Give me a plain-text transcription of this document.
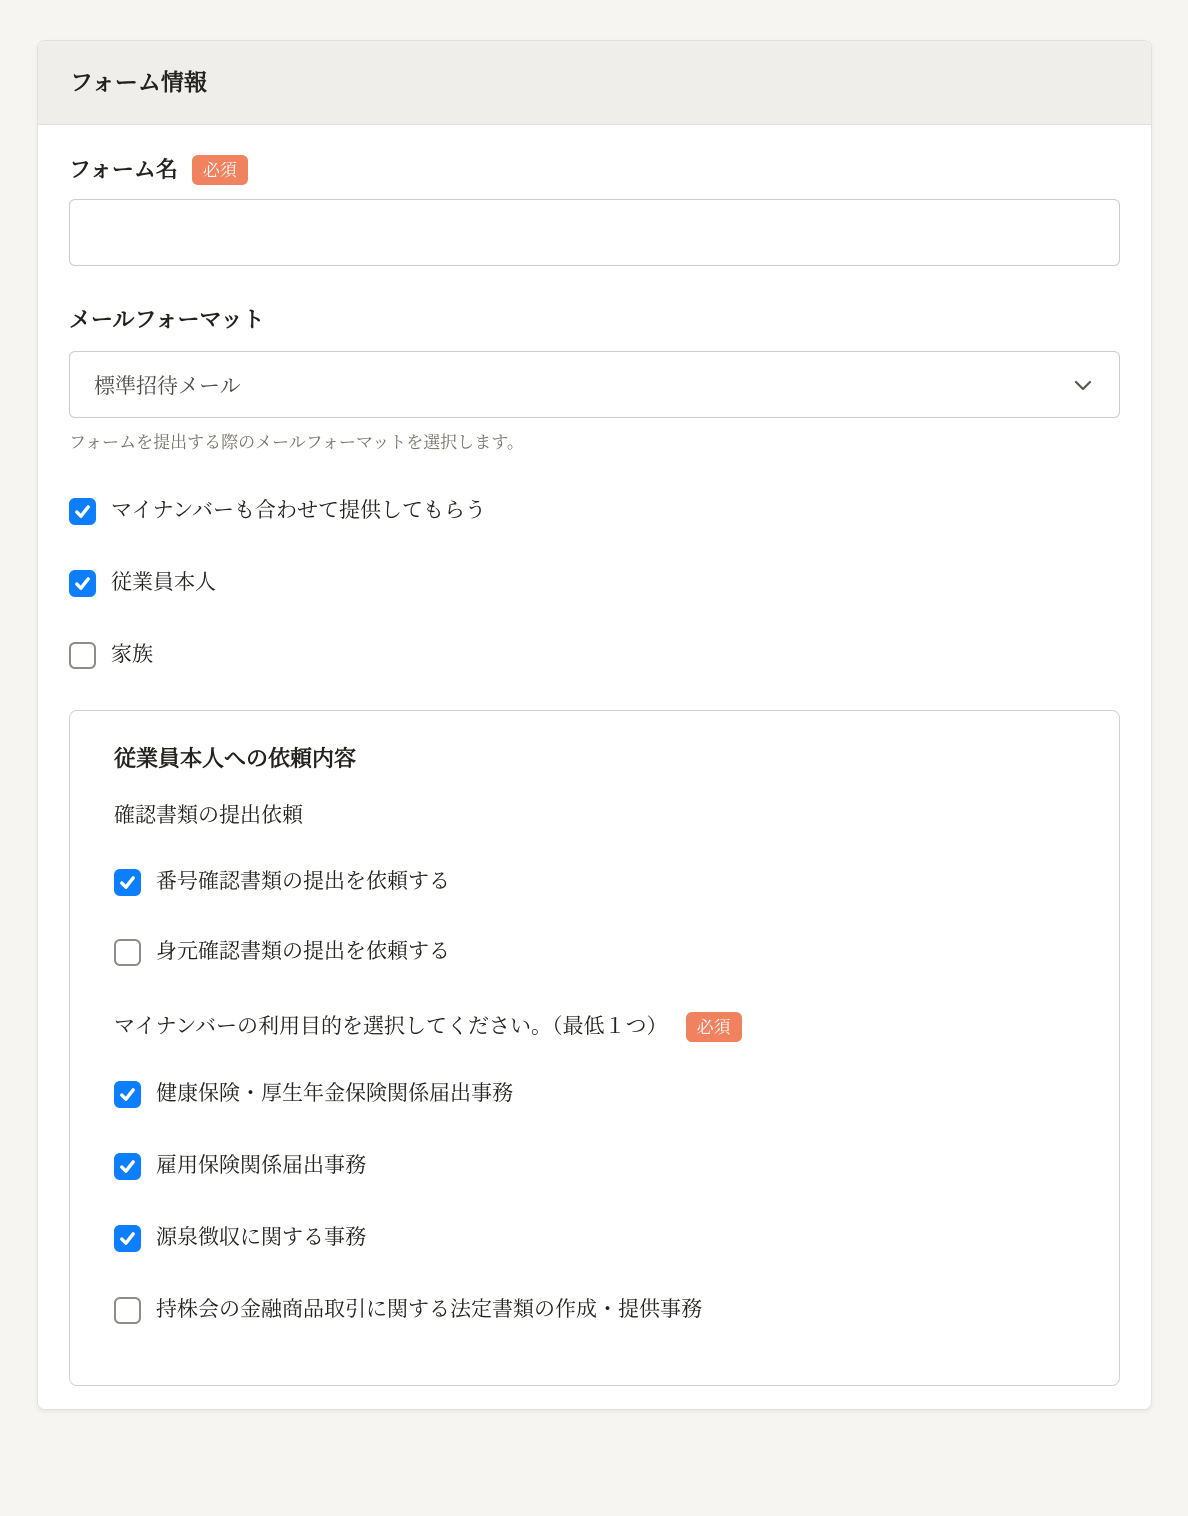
フォーム情報
フォーム名	必須
メールフォーマット
標準招待メール
フォームを提出する際のメールフォーマットを選択します。
マイナンバーも合わせて提供してもらう
従業員本人
家族
従業員本人への依頼内容
確認書類の提出依頼
番号確認書類の提出を依頼する
身元確認書類の提出を依頼する
マイナンバーの利用目的を選択してください。（最低１つ）	必須
健康保険・厚生年金保険関係届出事務
雇用保険関係届出事務
源泉徴収に関する事務
持株会の金融商品取引に関する法定書類の作成・提供事務
